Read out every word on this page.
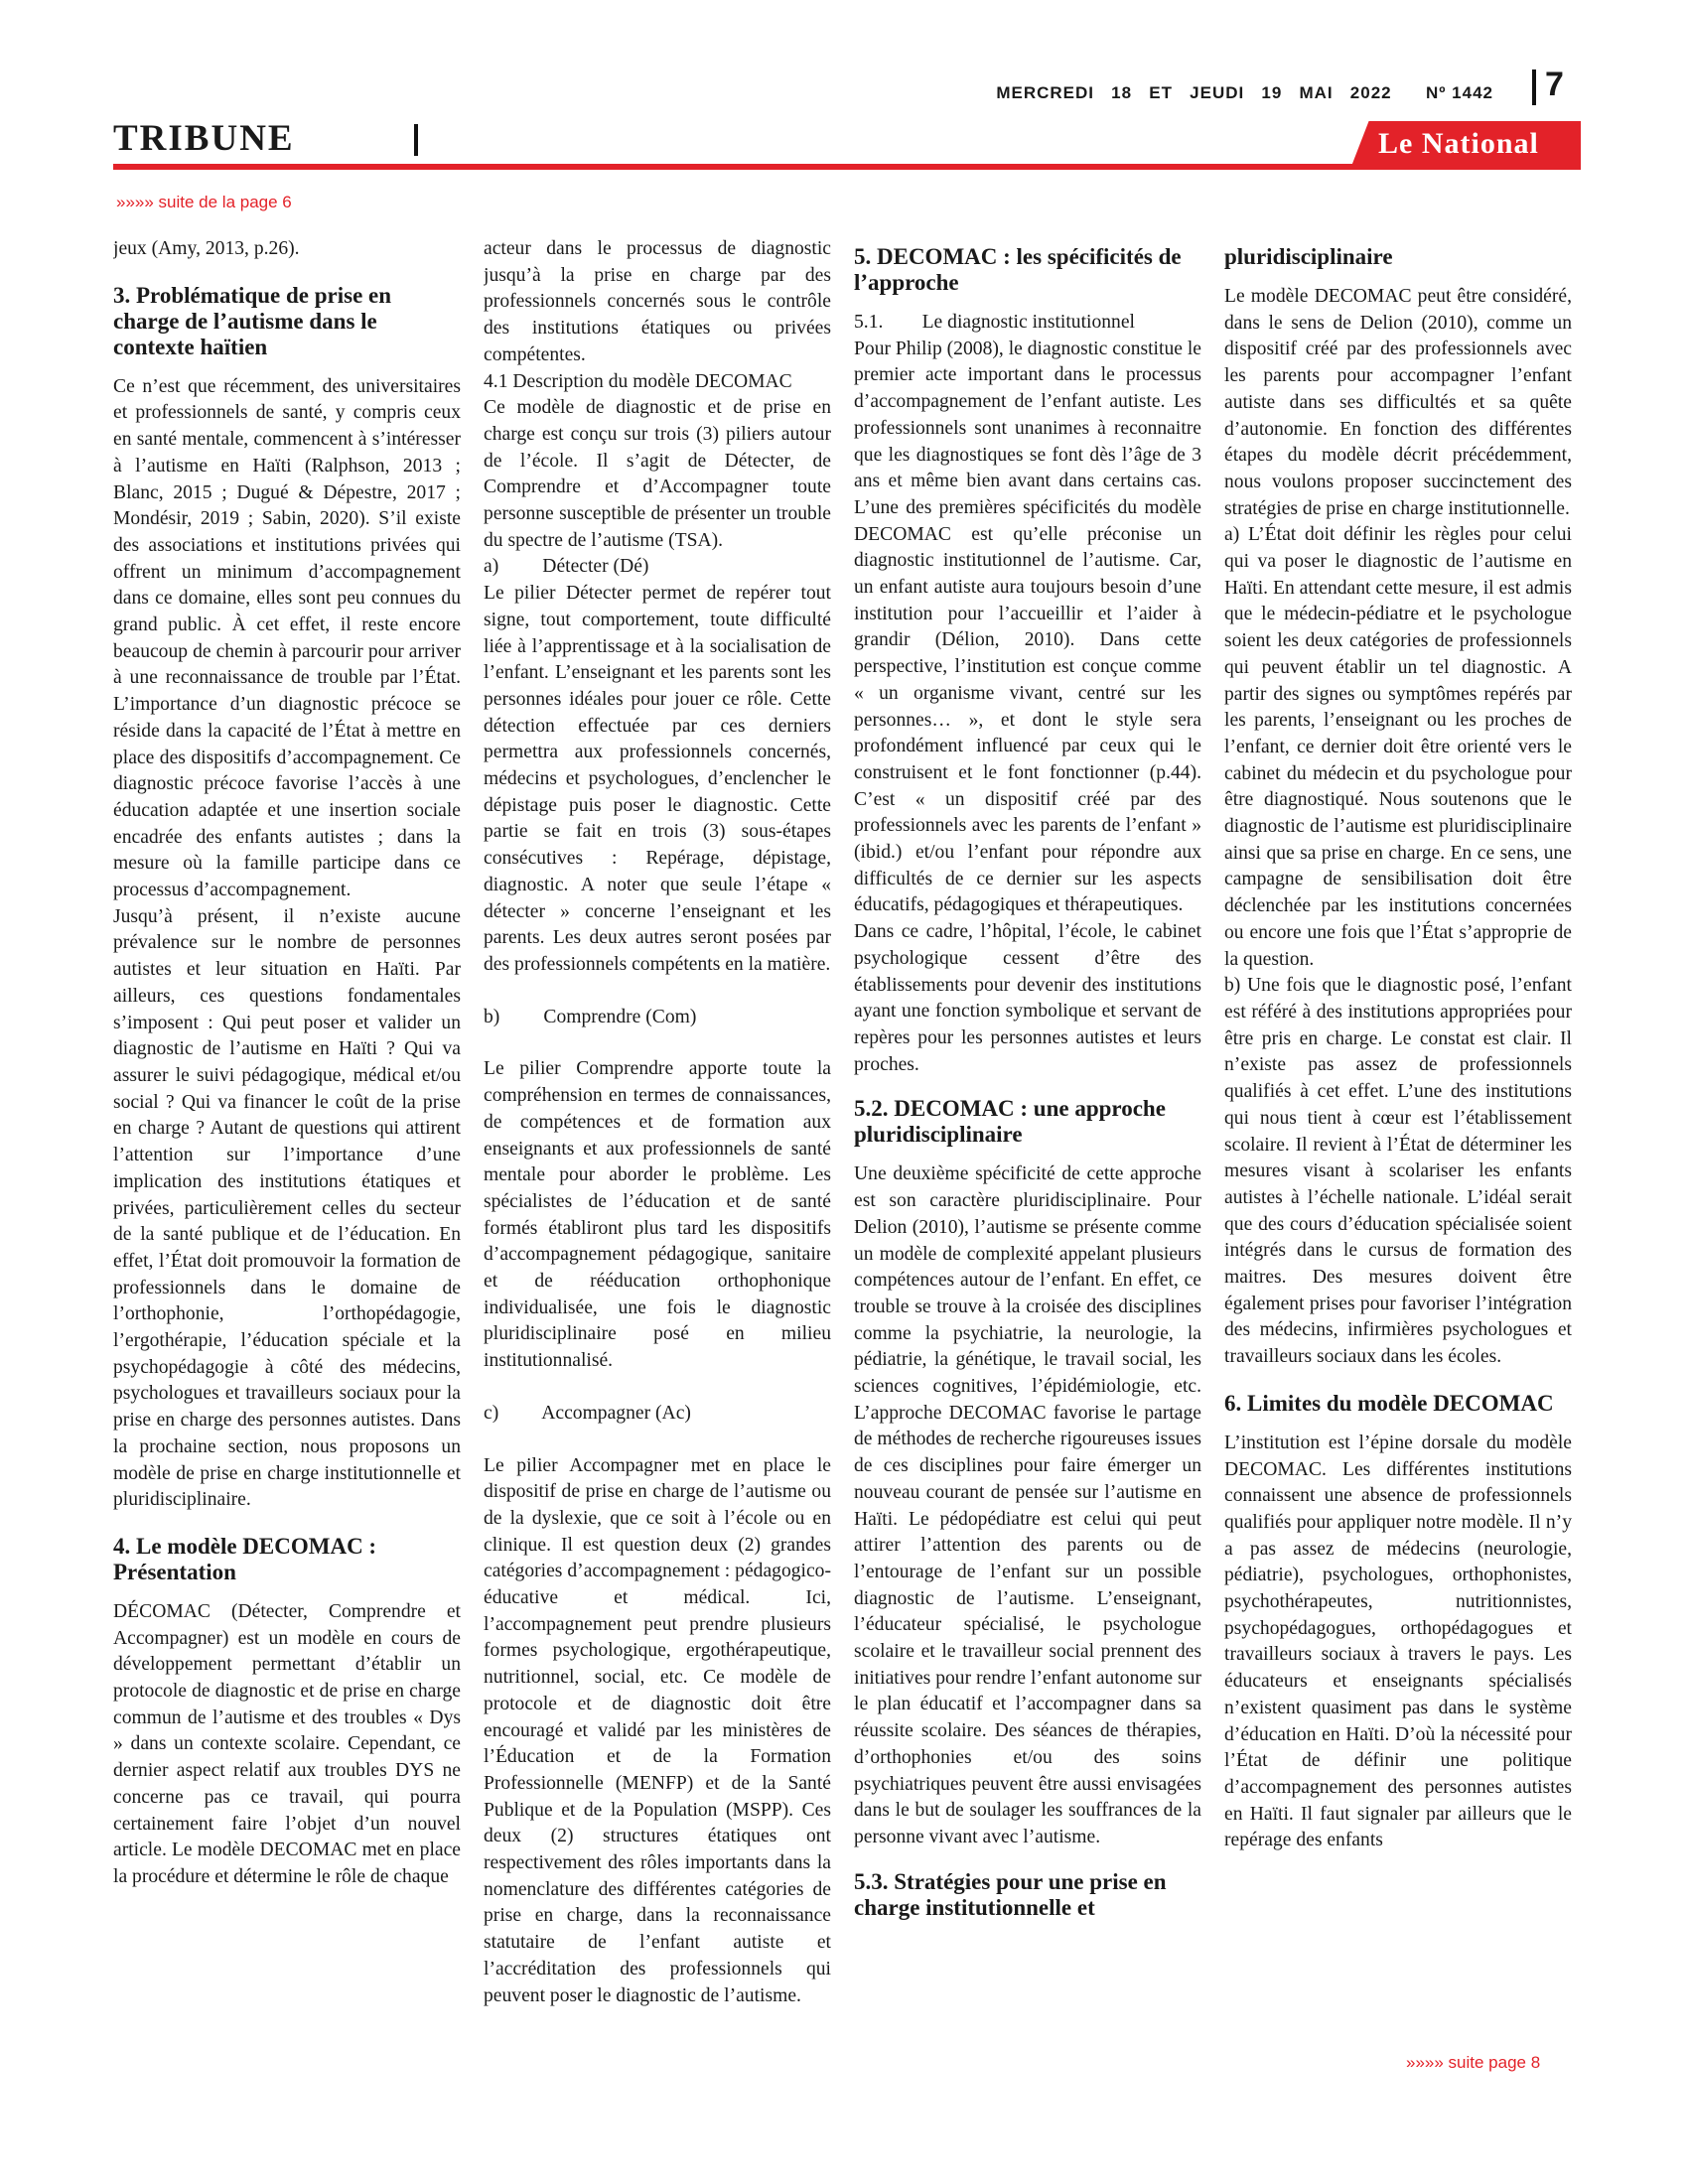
MERCREDI   18   ET   JEUDI   19   MAI   2022      Nº 1442 7
TRIBUNE	Le National
»»»» suite de la page 6

jeux (Amy, 2013, p.26).

3. Problématique de prise en charge de l’autisme dans le contexte haïtien

Ce n’est que récemment, des universitaires et professionnels de santé, y compris ceux en santé mentale, commencent à s’intéresser à l’autisme en Haïti (Ralphson, 2013 ; Blanc, 2015 ; Dugué & Dépestre, 2017 ; Mondésir, 2019 ; Sabin, 2020). S’il existe des associations et institutions privées qui offrent un minimum d’accompagnement dans ce domaine, elles sont peu connues du grand public. À cet effet, il reste encore beaucoup de chemin à parcourir pour arriver à une reconnaissance de trouble par l’État. L’importance d’un diagnostic précoce se réside dans la capacité de l’État à mettre en place des dispositifs d’accompagnement. Ce diagnostic précoce favorise l’accès à une éducation adaptée et une insertion sociale encadrée des enfants autistes ; dans la mesure où la famille participe dans ce processus d’accompagnement.

Jusqu’à présent, il n’existe aucune prévalence sur le nombre de personnes autistes et leur situation en Haïti. Par ailleurs, ces questions fondamentales s’imposent : Qui peut poser et valider un diagnostic de l’autisme en Haïti ? Qui va assurer le suivi pédagogique, médical et/ou social ? Qui va financer le coût de la prise en charge ? Autant de questions qui attirent l’attention sur l’importance d’une implication des institutions étatiques et privées, particulièrement celles du secteur de la santé publique et de l’éducation. En effet, l’État doit promouvoir la formation de professionnels dans le domaine de l’orthophonie, l’orthopédagogie, l’ergothérapie, l’éducation spéciale et la psychopédagogie à côté des médecins, psychologues et travailleurs sociaux pour la prise en charge des personnes autistes. Dans la prochaine section, nous proposons un modèle de prise en charge institutionnelle et pluridisciplinaire.

4. Le modèle DECOMAC : Présentation

DÉCOMAC (Détecter, Comprendre et Accompagner) est un modèle en cours de développement permettant d’établir un protocole de diagnostic et de prise en charge commun de l’autisme et des troubles « Dys » dans un contexte scolaire. Cependant, ce dernier aspect relatif aux troubles DYS ne concerne pas ce travail, qui pourra certainement faire l’objet d’un nouvel article. Le modèle DECOMAC met en place la procédure et détermine le rôle de chaque

acteur dans le processus de diagnostic jusqu’à la prise en charge par des professionnels concernés sous le contrôle des institutions étatiques ou privées compétentes.

4.1 Description du modèle DECOMAC

Ce modèle de diagnostic et de prise en charge est conçu sur trois (3) piliers autour de l’école. Il s’agit de Détecter, de Comprendre et d’Accompagner toute personne susceptible de présenter un trouble du spectre de l’autisme (TSA).

a)         Détecter (Dé)

Le pilier Détecter permet de repérer tout signe, tout comportement, toute difficulté liée à l’apprentissage et à la socialisation de l’enfant. L’enseignant et les parents sont les personnes idéales pour jouer ce rôle. Cette détection effectuée par ces derniers permettra aux professionnels concernés, médecins et psychologues, d’enclencher le dépistage puis poser le diagnostic. Cette partie se fait en trois (3) sous-étapes consécutives : Repérage, dépistage, diagnostic. A noter que seule l’étape « détecter » concerne l’enseignant et les parents. Les deux autres seront posées par des professionnels compétents en la matière.

b)         Comprendre (Com)

Le pilier Comprendre apporte toute la compréhension en termes de connaissances, de compétences et de formation aux enseignants et aux professionnels de santé mentale pour aborder le problème. Les spécialistes de l’éducation et de santé formés établiront plus tard les dispositifs d’accompagnement pédagogique, sanitaire et de rééducation orthophonique individualisée, une fois le diagnostic pluridisciplinaire posé en milieu institutionnalisé.

c)         Accompagner (Ac)

Le pilier Accompagner met en place le dispositif de prise en charge de l’autisme ou de la dyslexie, que ce soit à l’école ou en clinique. Il est question deux (2) grandes catégories d’accompagnement : pédagogico-éducative et médical. Ici, l’accompagnement peut prendre plusieurs formes psychologique, ergothérapeutique, nutritionnel, social, etc. Ce modèle de protocole et de diagnostic doit être encouragé et validé par les ministères de l’Éducation et de la Formation Professionnelle (MENFP) et de la Santé Publique et de la Population (MSPP). Ces deux (2) structures étatiques ont respectivement des rôles importants dans la nomenclature des différentes catégories de prise en charge, dans la reconnaissance statutaire de l’enfant autiste et l’accréditation des professionnels qui peuvent poser le diagnostic de l’autisme.

5. DECOMAC : les spécificités de l’approche

5.1.        Le diagnostic institutionnel

Pour Philip (2008), le diagnostic constitue le premier acte important dans le processus d’accompagnement de l’enfant autiste. Les professionnels sont unanimes à reconnaitre que les diagnostiques se font dès l’âge de 3 ans et même bien avant dans certains cas. L’une des premières spécificités du modèle DECOMAC est qu’elle préconise un diagnostic institutionnel de l’autisme. Car, un enfant autiste aura toujours besoin d’une institution pour l’accueillir et l’aider à grandir (Délion, 2010). Dans cette perspective, l’institution est conçue comme « un organisme vivant, centré sur les personnes… », et dont le style sera profondément influencé par ceux qui le construisent et le font fonctionner (p.44). C’est « un dispositif créé par des professionnels avec les parents de l’enfant » (ibid.) et/ou l’enfant pour répondre aux difficultés de ce dernier sur les aspects éducatifs, pédagogiques et thérapeutiques.

Dans ce cadre, l’hôpital, l’école, le cabinet psychologique cessent d’être des établissements pour devenir des institutions ayant une fonction symbolique et servant de repères pour les personnes autistes et leurs proches.

5.2. DECOMAC : une approche pluridisciplinaire

Une deuxième spécificité de cette approche est son caractère pluridisciplinaire. Pour Delion (2010), l’autisme se présente comme un modèle de complexité appelant plusieurs compétences autour de l’enfant. En effet, ce trouble se trouve à la croisée des disciplines comme la psychiatrie, la neurologie, la pédiatrie, la génétique, le travail social, les sciences cognitives, l’épidémiologie, etc. L’approche DECOMAC favorise le partage de méthodes de recherche rigoureuses issues de ces disciplines pour faire émerger un nouveau courant de pensée sur l’autisme en Haïti. Le pédopédiatre est celui qui peut attirer l’attention des parents ou de l’entourage de l’enfant sur un possible diagnostic de l’autisme. L’enseignant, l’éducateur spécialisé, le psychologue scolaire et le travailleur social prennent des initiatives pour rendre l’enfant autonome sur le plan éducatif et l’accompagner dans sa réussite scolaire. Des séances de thérapies, d’orthophonies et/ou des soins psychiatriques peuvent être aussi envisagées dans le but de soulager les souffrances de la personne vivant avec l’autisme.

5.3. Stratégies pour une prise en charge institutionnelle et
pluridisciplinaire

Le modèle DECOMAC peut être considéré, dans le sens de Delion (2010), comme un dispositif créé par des professionnels avec les parents pour accompagner l’enfant autiste dans ses difficultés et sa quête d’autonomie. En fonction des différentes étapes du modèle décrit précédemment, nous voulons proposer succinctement des stratégies de prise en charge institutionnelle.

a) L’État doit définir les règles pour celui qui va poser le diagnostic de l’autisme en Haïti. En attendant cette mesure, il est admis que le médecin-pédiatre et le psychologue soient les deux catégories de professionnels qui peuvent établir un tel diagnostic. A partir des signes ou symptômes repérés par les parents, l’enseignant ou les proches de l’enfant, ce dernier doit être orienté vers le cabinet du médecin et du psychologue pour être diagnostiqué. Nous soutenons que le diagnostic de l’autisme est pluridisciplinaire ainsi que sa prise en charge. En ce sens, une campagne de sensibilisation doit être déclenchée par les institutions concernées ou encore une fois que l’État s’approprie de la question.

b) Une fois que le diagnostic posé, l’enfant est référé à des institutions appropriées pour être pris en charge. Le constat est clair. Il n’existe pas assez de professionnels qualifiés à cet effet. L’une des institutions qui nous tient à cœur est l’établissement scolaire. Il revient à l’État de déterminer les mesures visant à scolariser les enfants autistes à l’échelle nationale. L’idéal serait que des cours d’éducation spécialisée soient intégrés dans le cursus de formation des maitres. Des mesures doivent être également prises pour favoriser l’intégration des médecins, infirmières psychologues et travailleurs sociaux dans les écoles.

6. Limites du modèle DECOMAC

L’institution est l’épine dorsale du modèle DECOMAC. Les différentes institutions connaissent une absence de professionnels qualifiés pour appliquer notre modèle. Il n’y a pas assez de médecins (neurologie, pédiatrie), psychologues, orthophonistes, psychothérapeutes, nutritionnistes, psychopédagogues, orthopédagogues et travailleurs sociaux à travers le pays. Les éducateurs et enseignants spécialisés n’existent quasiment pas dans le système d’éducation en Haïti. D’où la nécessité pour l’État de définir une politique d’accompagnement des personnes autistes en Haïti. Il faut signaler par ailleurs que le repérage des enfants

»»»» suite page 8
